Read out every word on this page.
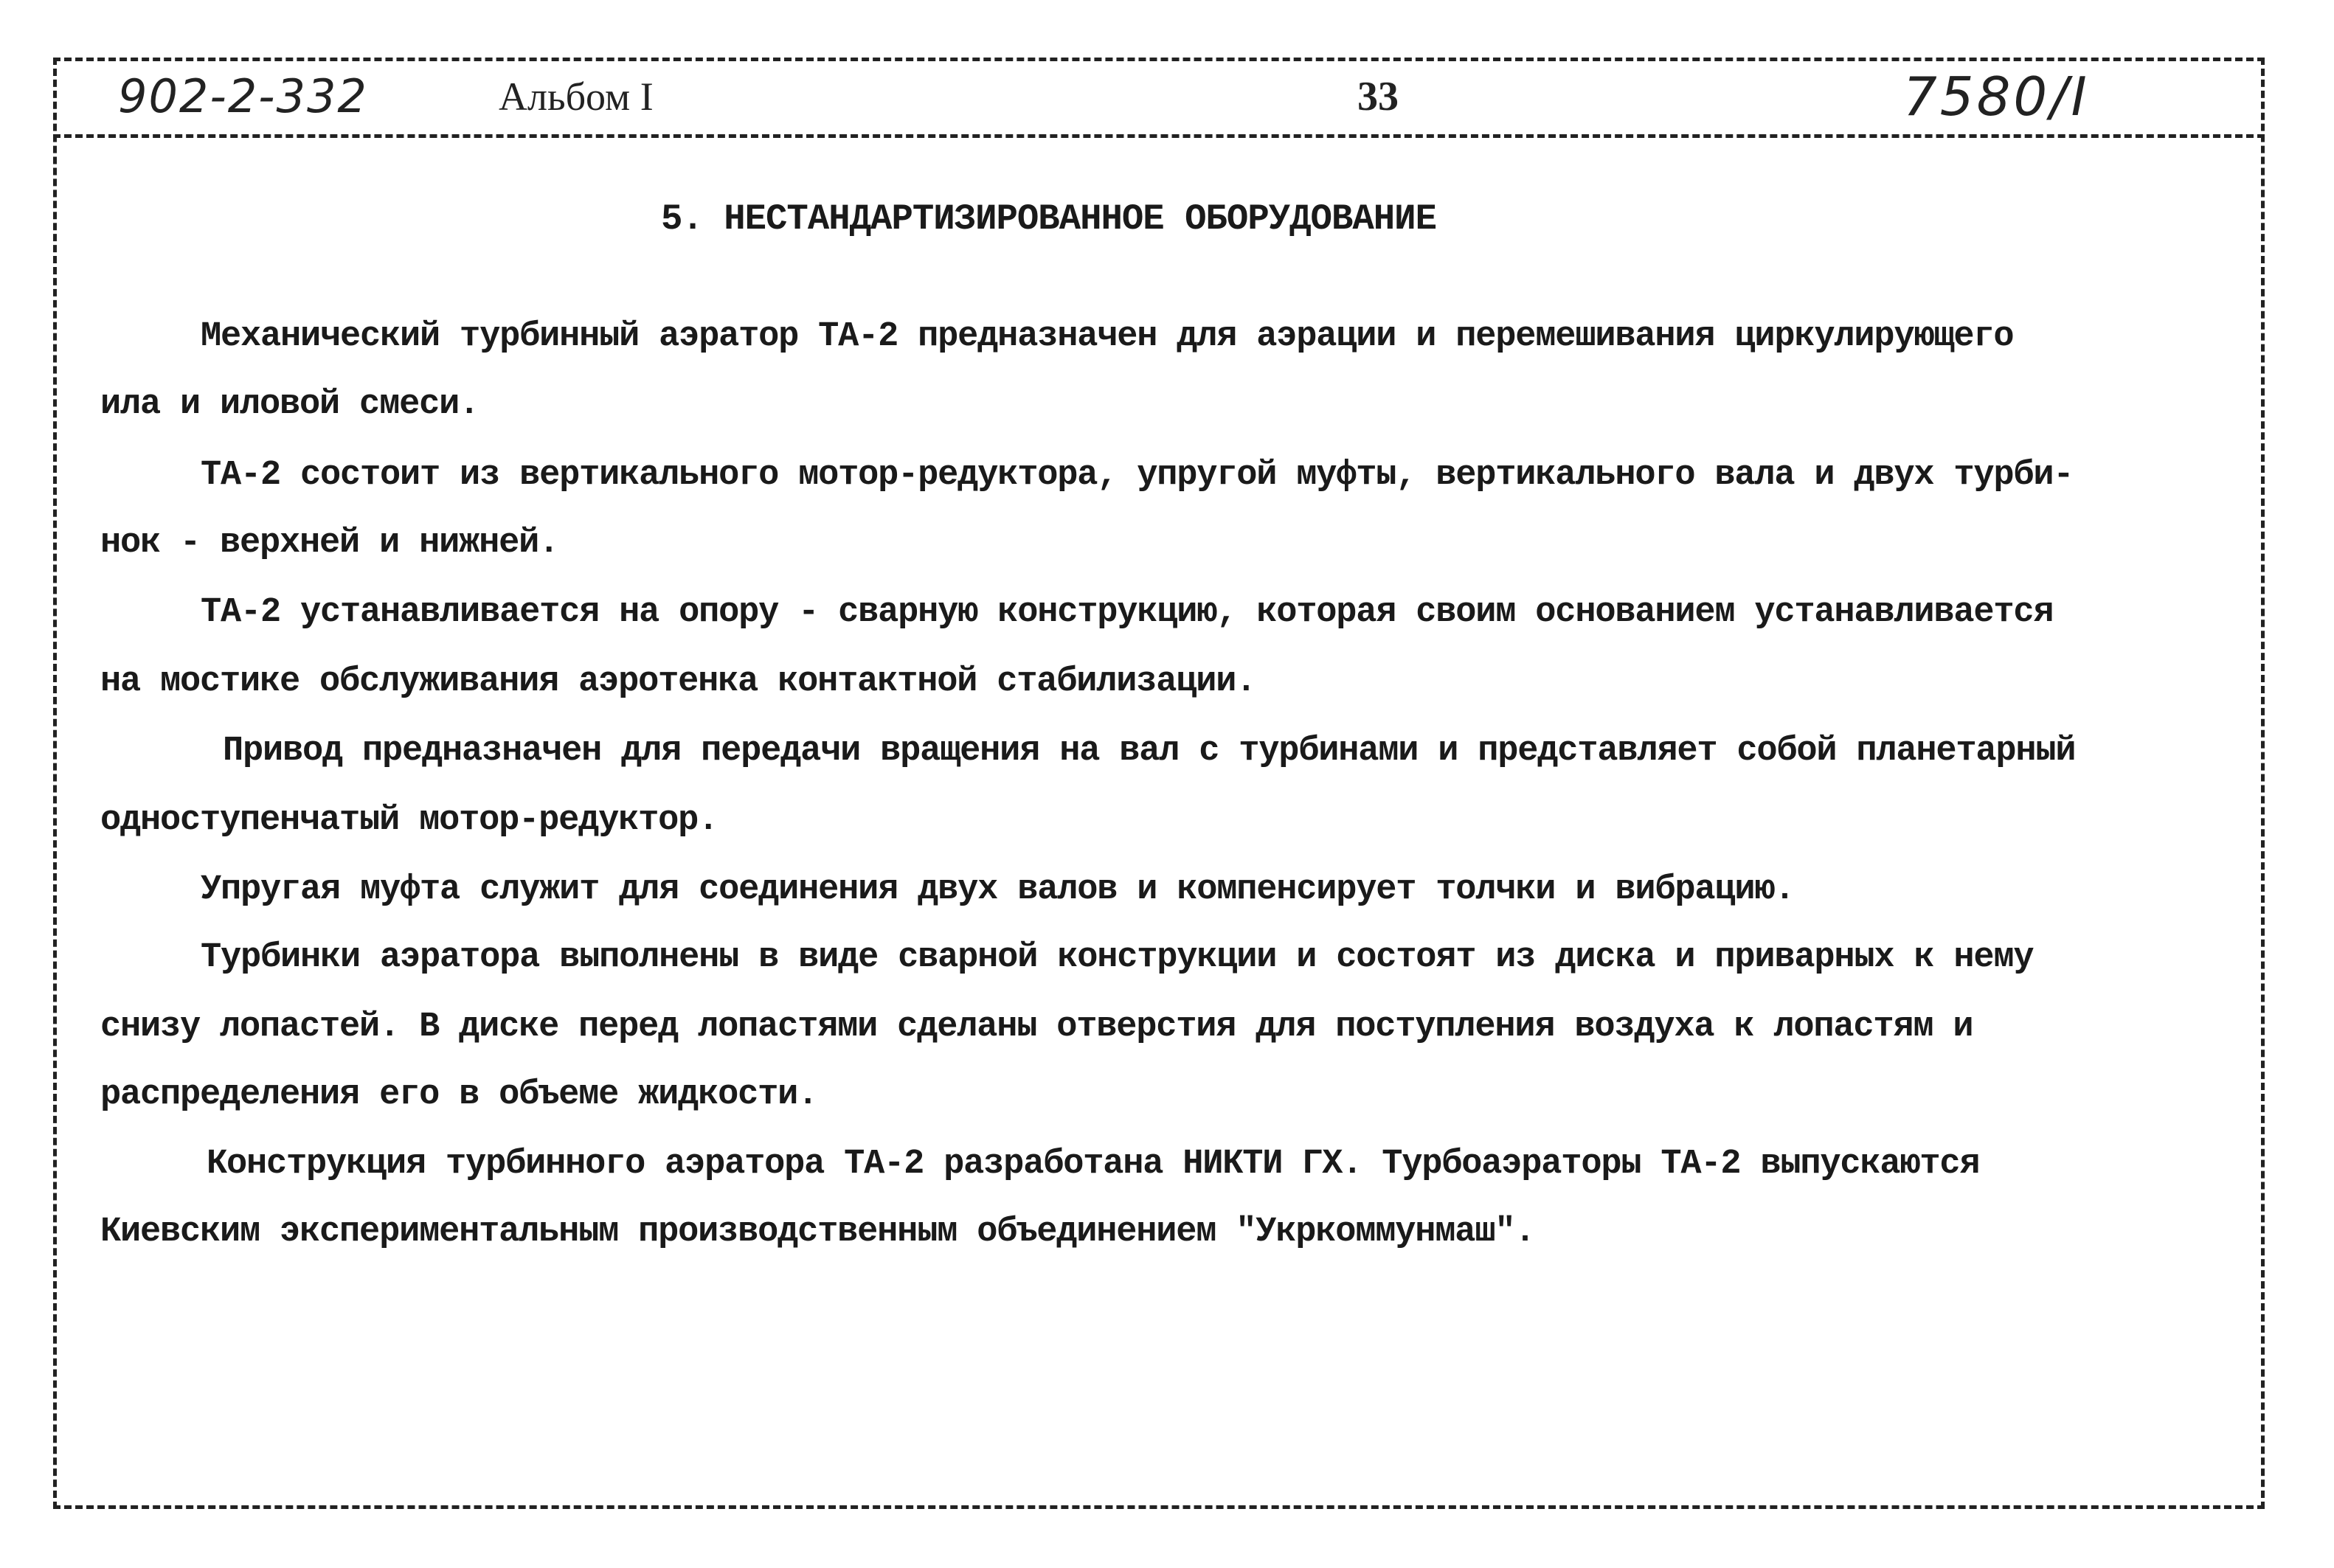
902-2-332	Альбом I	33	7580/I
5. НЕСТАНДАРТИЗИРОВАННОЕ ОБОРУДОВАНИЕ
Механический турбинный аэратор ТА-2 предназначен для аэрации и перемешивания циркулирующего
ила и иловой смеси.
ТА-2 состоит из вертикального мотор-редуктора, упругой муфты, вертикального вала и двух турби-
нок - верхней и нижней.
ТА-2 устанавливается на опору - сварную конструкцию, которая своим основанием устанавливается
на мостике обслуживания аэротенка контактной стабилизации.
Привод предназначен для передачи вращения на вал с турбинами и представляет собой планетарный
одноступенчатый мотор-редуктор.
Упругая муфта служит для соединения двух валов и компенсирует толчки и вибрацию.
Турбинки аэратора выполнены в виде сварной конструкции и состоят из диска и приварных к нему
снизу лопастей. В диске перед лопастями сделаны отверстия для поступления воздуха к лопастям и
распределения его в объеме жидкости.
Конструкция турбинного аэратора ТА-2 разработана НИКТИ ГХ. Турбоаэраторы ТА-2 выпускаются
Киевским экспериментальным производственным объединением "Укркоммунмаш".
